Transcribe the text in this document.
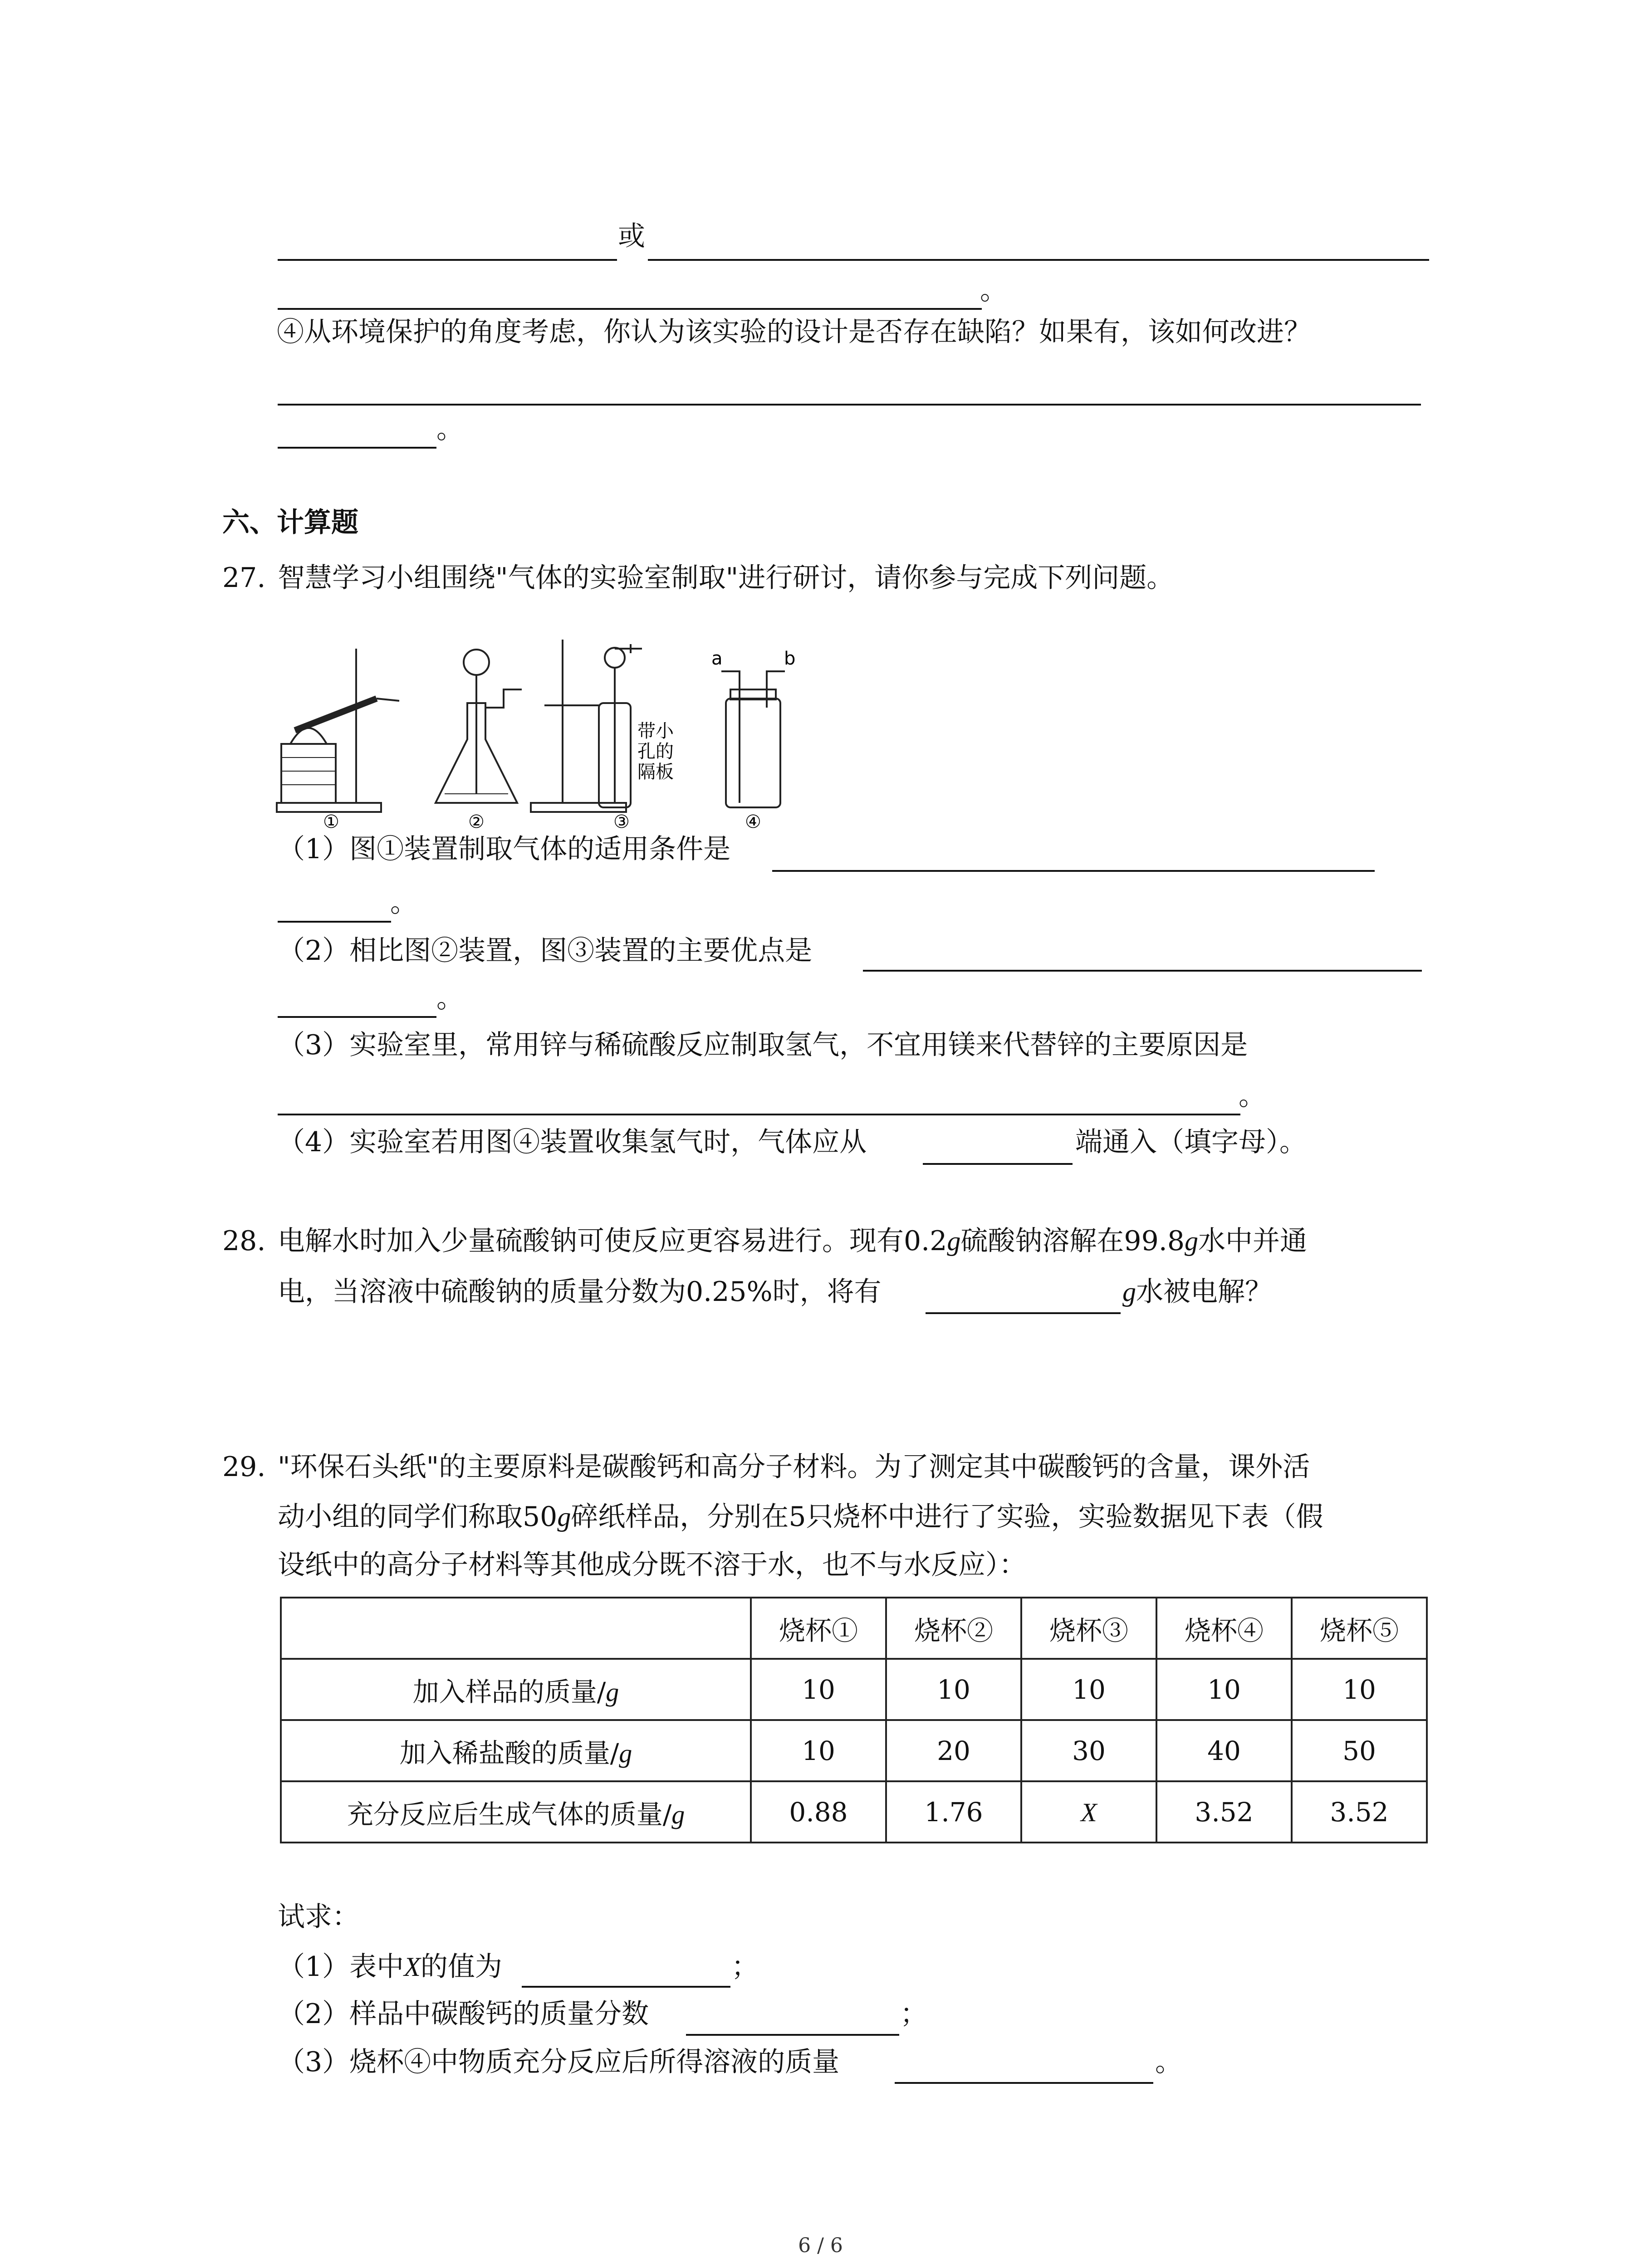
或
。
④从环境保护的角度考虑，你认为该实验的设计是否存在缺陷？如果有，该如何改进？
。
六、计算题
27. 智慧学习小组围绕"气体的实验室制取"进行研讨，请你参与完成下列问题。
带小
孔的
隔板
a	b
①	②	③	④
（1）图①装置制取气体的适用条件是
。
（2）相比图②装置，图③装置的主要优点是
。
（3）实验室里，常用锌与稀硫酸反应制取氢气，不宜用镁来代替锌的主要原因是
。
（4）实验室若用图④装置收集氢气时，气体应从	端通入（填字母）。
28. 电解水时加入少量硫酸钠可使反应更容易进行。现有0.2g硫酸钠溶解在99.8g水中并通
电，当溶液中硫酸钠的质量分数为0.25%时，将有	g水被电解？
29. "环保石头纸"的主要原料是碳酸钙和高分子材料。为了测定其中碳酸钙的含量，课外活
动小组的同学们称取50g碎纸样品，分别在5只烧杯中进行了实验，实验数据见下表（假
设纸中的高分子材料等其他成分既不溶于水，也不与水反应）：
	烧杯①	烧杯②	烧杯③	烧杯④	烧杯⑤
加入样品的质量/g	10	10	10	10	10
加入稀盐酸的质量/g	10	20	30	40	50
充分反应后生成气体的质量/g	0.88	1.76	X	3.52	3.52
试求：
（1）表中X的值为	；
（2）样品中碳酸钙的质量分数	；
（3）烧杯④中物质充分反应后所得溶液的质量	。
6 / 6
